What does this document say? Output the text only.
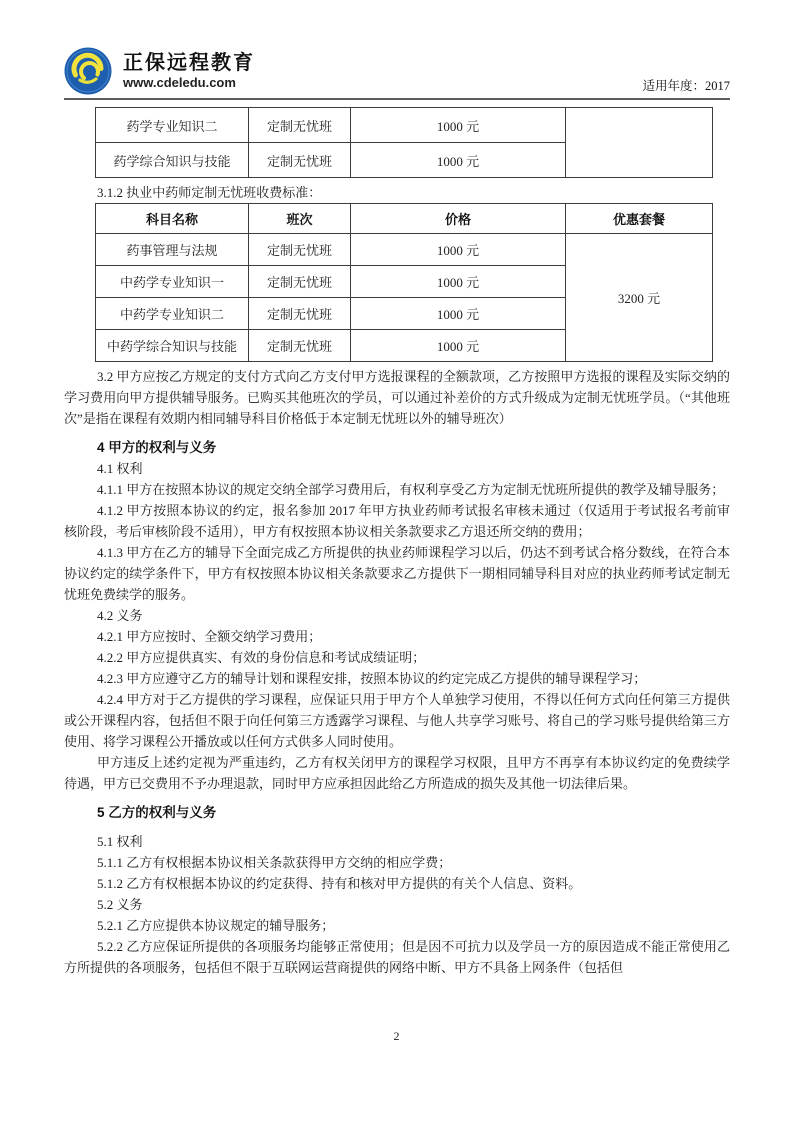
正保远程教育
www.cdeledu.com	适用年度：2017
药学专业知识二	定制无忧班	1000 元	
药学综合知识与技能	定制无忧班	1000 元	
3.1.2 执业中药师定制无忧班收费标准：
科目名称	班次	价格	优惠套餐
药事管理与法规	定制无忧班	1000 元	3200 元
中药学专业知识一	定制无忧班	1000 元	
中药学专业知识二	定制无忧班	1000 元	
中药学综合知识与技能	定制无忧班	1000 元	

3.2 甲方应按乙方规定的支付方式向乙方支付甲方选报课程的全额款项，乙方按照甲方选报的课程及实际交纳的学习费用向甲方提供辅导服务。已购买其他班次的学员，可以通过补差价的方式升级成为定制无忧班学员。（“其他班次”是指在课程有效期内相同辅导科目价格低于本定制无忧班以外的辅导班次）

4 甲方的权利与义务

4.1 权利

4.1.1 甲方在按照本协议的规定交纳全部学习费用后，有权利享受乙方为定制无忧班所提供的教学及辅导服务；

4.1.2 甲方按照本协议的约定，报名参加 2017 年甲方执业药师考试报名审核未通过（仅适用于考试报名考前审核阶段，考后审核阶段不适用），甲方有权按照本协议相关条款要求乙方退还所交纳的费用；

4.1.3 甲方在乙方的辅导下全面完成乙方所提供的执业药师课程学习以后，仍达不到考试合格分数线，在符合本协议约定的续学条件下，甲方有权按照本协议相关条款要求乙方提供下一期相同辅导科目对应的执业药师考试定制无忧班免费续学的服务。

4.2 义务

4.2.1 甲方应按时、全额交纳学习费用；

4.2.2 甲方应提供真实、有效的身份信息和考试成绩证明；

4.2.3 甲方应遵守乙方的辅导计划和课程安排，按照本协议的约定完成乙方提供的辅导课程学习；

4.2.4 甲方对于乙方提供的学习课程，应保证只用于甲方个人单独学习使用，不得以任何方式向任何第三方提供或公开课程内容，包括但不限于向任何第三方透露学习课程、与他人共享学习账号、将自己的学习账号提供给第三方使用、将学习课程公开播放或以任何方式供多人同时使用。

甲方违反上述约定视为严重违约，乙方有权关闭甲方的课程学习权限，且甲方不再享有本协议约定的免费续学待遇，甲方已交费用不予办理退款，同时甲方应承担因此给乙方所造成的损失及其他一切法律后果。

5 乙方的权利与义务

5.1 权利

5.1.1 乙方有权根据本协议相关条款获得甲方交纳的相应学费；

5.1.2 乙方有权根据本协议的约定获得、持有和核对甲方提供的有关个人信息、资料。

5.2 义务

5.2.1 乙方应提供本协议规定的辅导服务；

5.2.2 乙方应保证所提供的各项服务均能够正常使用；但是因不可抗力以及学员一方的原因造成不能正常使用乙方所提供的各项服务，包括但不限于互联网运营商提供的网络中断、甲方不具备上网条件（包括但

2
